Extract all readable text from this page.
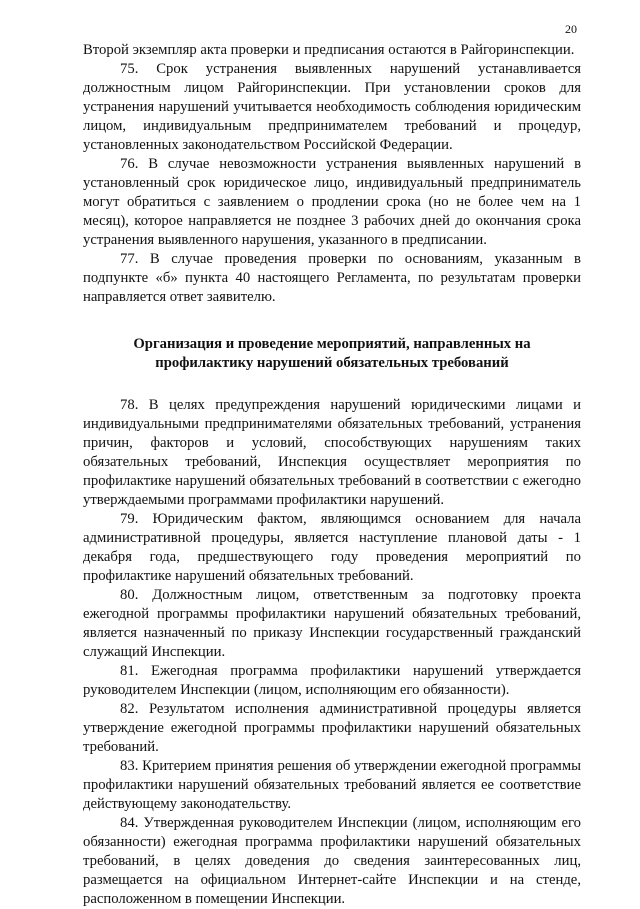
20

Второй экземпляр акта проверки и предписания остаются в Райгоринспекции.

75. Срок устранения выявленных нарушений устанавливается должностным лицом Райгоринспекции. При установлении сроков для устранения нарушений учитывается необходимость соблюдения юридическим лицом, индивидуальным предпринимателем требований и процедур, установленных законодательством Российской Федерации.

76. В случае невозможности устранения выявленных нарушений в установленный срок юридическое лицо, индивидуальный предприниматель могут обратиться с заявлением о продлении срока (но не более чем на 1 месяц), которое направляется не позднее 3 рабочих дней до окончания срока устранения выявленного нарушения, указанного в предписании.

77. В случае проведения проверки по основаниям, указанным в подпункте «б» пункта 40 настоящего Регламента, по результатам проверки направляется ответ заявителю.

Организация и проведение мероприятий, направленных на
профилактику нарушений обязательных требований

78. В целях предупреждения нарушений юридическими лицами и индивидуальными предпринимателями обязательных требований, устранения причин, факторов и условий, способствующих нарушениям таких обязательных требований, Инспекция осуществляет мероприятия по профилактике нарушений обязательных требований в соответствии с ежегодно утверждаемыми программами профилактики нарушений.

79. Юридическим фактом, являющимся основанием для начала административной процедуры, является наступление плановой даты - 1 декабря года, предшествующего году проведения мероприятий по профилактике нарушений обязательных требований.

80. Должностным лицом, ответственным за подготовку проекта ежегодной программы профилактики нарушений обязательных требований, является назначенный по приказу Инспекции государственный гражданский служащий Инспекции.

81. Ежегодная программа профилактики нарушений утверждается руководителем Инспекции (лицом, исполняющим его обязанности).

82. Результатом исполнения административной процедуры является утверждение ежегодной программы профилактики нарушений обязательных требований.

83. Критерием принятия решения об утверждении ежегодной программы профилактики нарушений обязательных требований является ее соответствие действующему законодательству.

84. Утвержденная руководителем Инспекции (лицом, исполняющим его обязанности) ежегодная программа профилактики нарушений обязательных требований, в целях доведения до сведения заинтересованных лиц, размещается на официальном Интернет-сайте Инспекции и на стенде, расположенном в помещении Инспекции.
